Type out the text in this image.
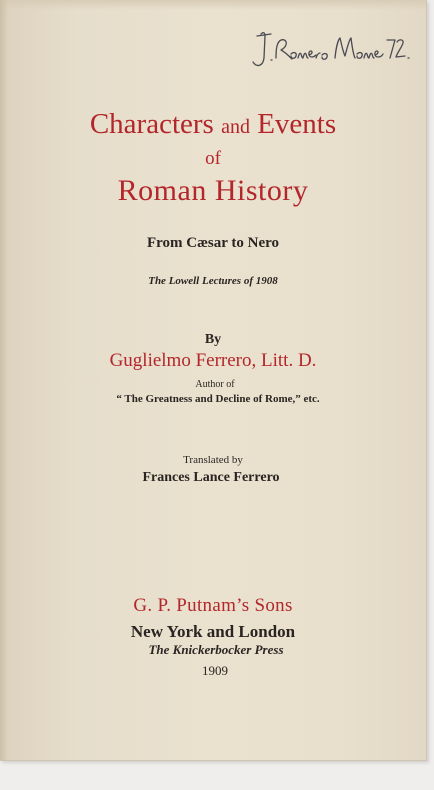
Characters and Events
of
Roman History
From Cæsar to Nero
The Lowell Lectures of 1908
By
Guglielmo Ferrero, Litt. D.
Author of
“ The Greatness and Decline of Rome,” etc.
Translated by
Frances Lance Ferrero
G. P. Putnam’s Sons
New York and London
The Knickerbocker Press
1909
